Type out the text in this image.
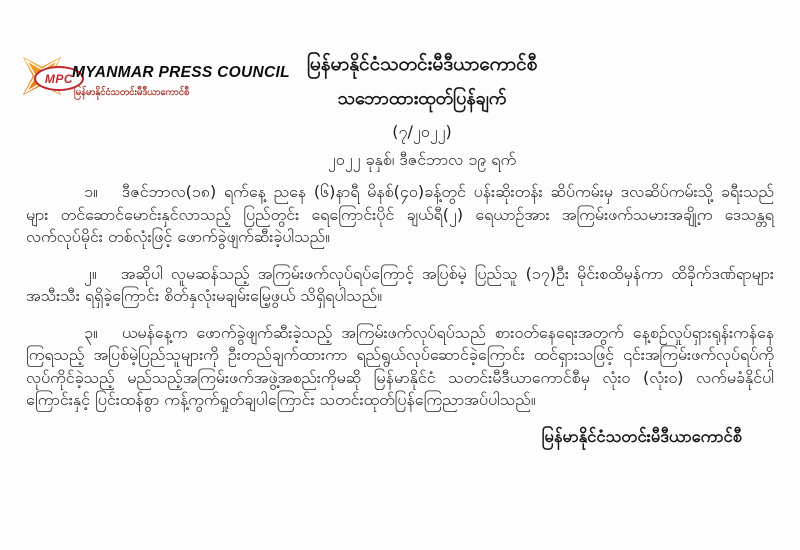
MPC
MYANMAR PRESS COUNCIL
မြန်မာနိုင်ငံသတင်းမီဒီယာကောင်စီ
မြန်မာနိုင်ငံသတင်းမီဒီယာကောင်စီ
သဘောထားထုတ်ပြန်ချက်
(၇/၂၀၂၂)
၂၀၂၂ ခုနှစ်၊ ဒီဇင်ဘာလ ၁၉ ရက်

၁။ ဒီဇင်ဘာလ(၁၈) ရက်နေ့ ညနေ (၆)နာရီ မိနစ်(၄၀)ခန့်တွင် ပန်းဆိုးတန်း ဆိပ်ကမ်းမှ ဒလဆိပ်ကမ်းသို့ ခရီးသည်များ တင်ဆောင်မောင်းနှင်လာသည့် ပြည်တွင်း ရေကြောင်းပိုင် ချယ်ရီ(၂) ရေယာဉ်အား အကြမ်းဖက်သမားအချို့က ဒေသန္တရလက်လုပ်မိုင်း တစ်လုံးဖြင့် ဖောက်ခွဲဖျက်ဆီးခဲ့ပါသည်။

၂။ အဆိုပါ လူမဆန်သည့် အကြမ်းဖက်လုပ်ရပ်ကြောင့် အပြစ်မဲ့ ပြည်သူ (၁၇)ဦး မိုင်းစထိမှန်ကာ ထိခိုက်ဒဏ်ရာများ အသီးသီး ရရှိခဲ့ကြောင်း စိတ်နှလုံးမချမ်းမြေ့ဖွယ် သိရှိရပါသည်။

၃။ ယမန်နေ့က ဖောက်ခွဲဖျက်ဆီးခဲ့သည့် အကြမ်းဖက်လုပ်ရပ်သည် စားဝတ်နေရေးအတွက် နေ့စဉ်လှုပ်ရှားရုန်းကန်နေကြရသည့် အပြစ်မဲ့ပြည်သူများကို ဦးတည်ချက်ထားကာ ရည်ရွယ်လုပ်ဆောင်ခဲ့ကြောင်း ထင်ရှားသဖြင့် ၎င်းအကြမ်းဖက်လုပ်ရပ်ကို လုပ်ကိုင်ခဲ့သည့် မည်သည့်အကြမ်းဖက်အဖွဲ့အစည်းကိုမဆို မြန်မာနိုင်ငံ သတင်းမီဒီယာကောင်စီမှ လုံးဝ (လုံးဝ) လက်မခံနိုင်ပါကြောင်းနှင့် ပြင်းထန်စွာ ကန့်ကွက်ရှုတ်ချပါကြောင်း သတင်းထုတ်ပြန်ကြေညာအပ်ပါသည်။

မြန်မာနိုင်ငံသတင်းမီဒီယာကောင်စီ
